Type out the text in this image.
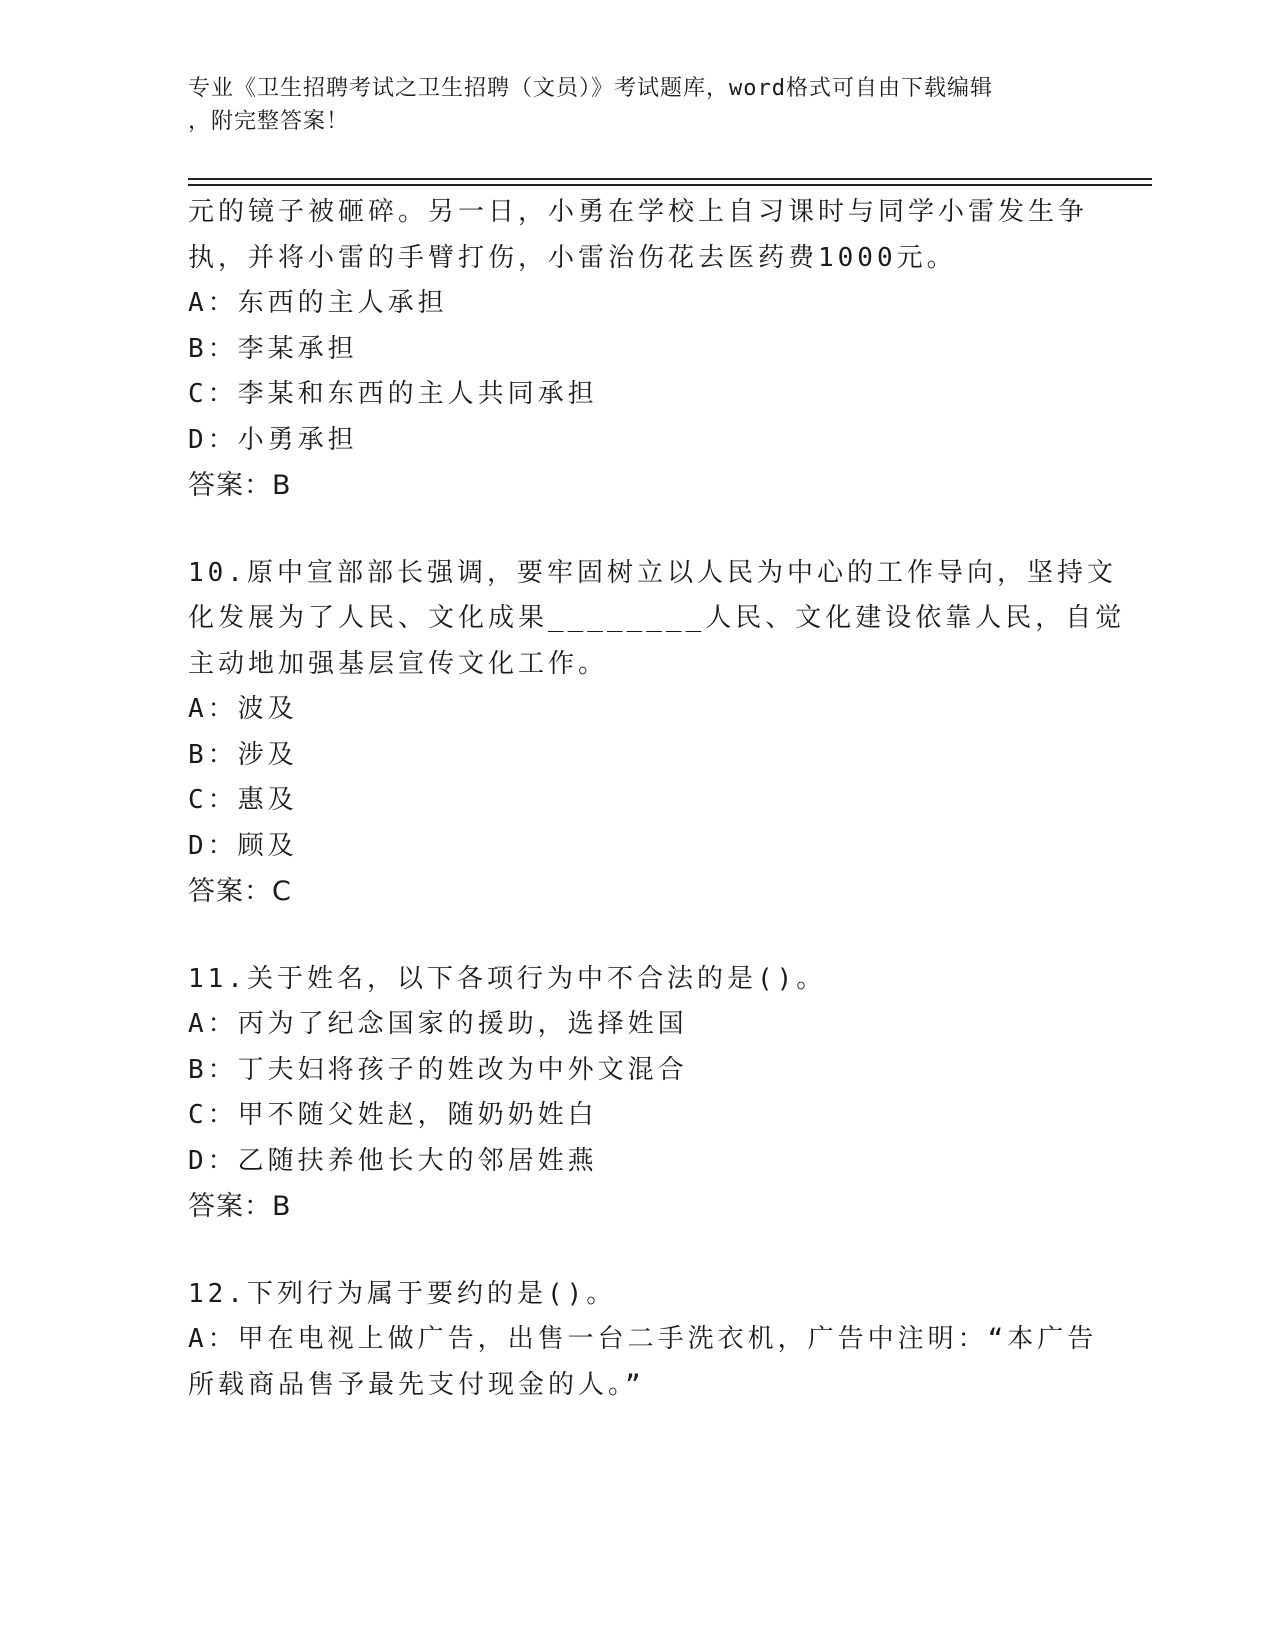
专业《卫生招聘考试之卫生招聘（文员）》考试题库，word格式可自由下载编辑
，附完整答案！
元的镜子被砸碎。另一日，小勇在学校上自习课时与同学小雷发生争
执，并将小雷的手臂打伤，小雷治伤花去医药费1000元。
A：东西的主人承担
B：李某承担
C：李某和东西的主人共同承担
D：小勇承担
答案：B
10.原中宣部部长强调，要牢固树立以人民为中心的工作导向，坚持文
化发展为了人民、文化成果________人民、文化建设依靠人民，自觉
主动地加强基层宣传文化工作。
A：波及
B：涉及
C：惠及
D：顾及
答案：C
11.关于姓名，以下各项行为中不合法的是()。
A：丙为了纪念国家的援助，选择姓国
B：丁夫妇将孩子的姓改为中外文混合
C：甲不随父姓赵，随奶奶姓白
D：乙随扶养他长大的邻居姓燕
答案：B
12.下列行为属于要约的是()。
A：甲在电视上做广告，出售一台二手洗衣机，广告中注明：“本广告
所载商品售予最先支付现金的人。”
